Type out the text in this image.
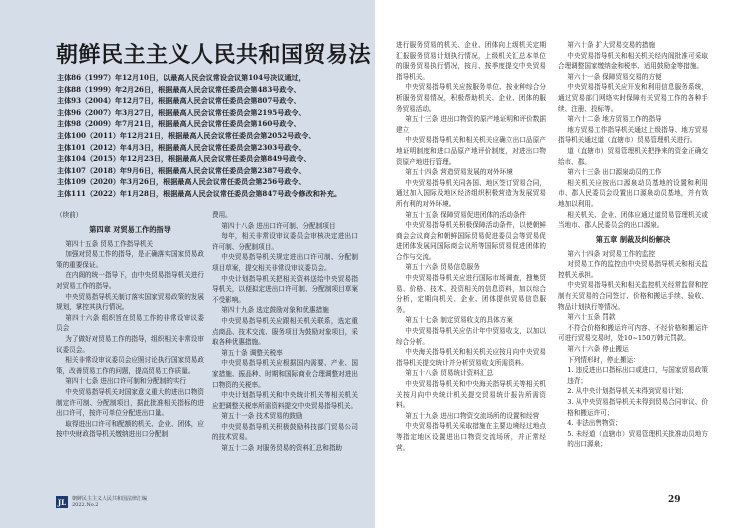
朝鲜民主主义人民共和国贸易法
主体86（1997）年12月10日，以最高人民会议常设会议第104号决议通过，
主体88（1999）年2月26日，根据最高人民会议常任委员会第483号政令、
主体93（2004）年12月7日，根据最高人民会议常任委员会第807号政令、
主体96（2007）年3月27日，根据最高人民会议常任委员会第2195号政令、
主体98（2009）年7月21日，根据最高人民会议常任委员会第160号政令、
主体100（2011）年12月21日，根据最高人民会议常任委员会第2052号政令、
主体101（2012）年4月3日，根据最高人民会议常任委员会第2303号政令、
主体104（2015）年12月23日，根据最高人民会议常任委员会第849号政令、
主体107（2018）年9月6日，根据最高人民会议常任委员会第2387号政令、
主体109（2020）年3月26日，根据最高人民会议常任委员会第256号政令、
主体111（2022）年1月28日，根据最高人民会议常任委员会第847号政令修改和补充。

（续前）

第四章 对贸易工作的指导

第四十五条 贸易工作指导机关

加强对贸易工作的指导，是正确落实国家贸易政策的重要保证。

在内阁的统一指导下，由中央贸易指导机关进行对贸易工作的指导。

中央贸易指导机关制订落实国家贸易政策的发展规划，掌控其执行情况。

第四十六条 组织旨在贸易工作的非常设审议委员会

为了做好对贸易工作的指导，组织相关非常设审议委员会。

相关非常设审议委员会应照讨论执行国家贸易政策，改善贸易工作的问题，提高贸易工作质量。

第四十七条 进出口许可制和分配制的实行

中央贸易指导机关对国家意义重大的进出口物资制定许可制、分配制项目，据此批准相关指标的进出口许可，按许可单位分配进出口量。

取得进出口许可和配额的机关、企业、团体，应按中央财政指导机关缴纳进出口分配制

费用。

第四十八条 进出口许可制、分配制项目

每年，相关非常设审议委员会审核决定进出口许可制、分配制项目。

中央贸易指导机关规定进出口许可制、分配制项目草案，提交相关非常设审议委员会。

中央计划指导机关把相关资料送给中央贸易指导机关，以便拟定进出口许可制、分配制项目草案不受影响。

第四十九条 选定鼓励对象和优惠措施

中央贸易指导机关应跟相关机关联系，选定重点商品、技术交流、服务项目为鼓励对象项目，采取各种优惠措施。

第五十条 调整关税率

中央贸易指导机关应根据国内需要、产业、国家措施、振品种、时期和国际商业合理调整对进出口物资的关税率。

中央计划指导机关和中央统计机关等相关机关应把调整关税率所需资料提交中央贸易指导机关。

第五十一条 技术贸易的鼓励

中央贸易指导机关积极鼓励科技部门贸易公司的技术贸易。

第五十二条 对服务贸易的资料汇总和指助

进行服务贸易的机关、企业、团体向上级机关定期汇报服务贸易计划执行情况，上级机关汇总本单位的服务贸易执行情况，按月、按季度提交中央贸易指导机关。

中央贸易指导机关应按服务单位、按业种综合分析服务贸易情况，积极帮助机关、企业、团体的服务贸易活动。

第五十三条 进出口物资的原产地证明和评价数据建立

中央贸易指导机关和相关机关应确立出口品原产地证明制度和进口品原产地评价制度，对进出口物资原产地进行管理。

第五十四条 营造贸易发展的对外环境

中央贸易指导机关同各国、地区签订贸易合同，通过加入国际及地区经济组织积极营造为发展贸易所有利的对外环境。

第五十五条 保障贸易促进团体的活动条件

中央贸易指导机关积极保障活动条件，以使朝鲜商会会议商会和朝鲜国际贸易促进委员会等贸易促进团体发展同国际商会议所等国际贸易促进团体的合作与交流。

第五十六条 贸易信息服务

中央贸易指导机关应进行国际市场调查，搜集贸易、价格、技术、投资相关的信息资料，加以综合分析，定期向机关、企业、团体提供贸易信息服务。

第五十七条 制定贸易收支的具体方案

中央贸易指导机关应估计年中贸易收支，以加以综合分析。

中央海关指导机关和相关机关应按月向中央贸易指导机关提交统计并分析贸易收支所需资料。

第五十八条 贸易统计资料汇总

中央贸易指导机关和中央海关指导机关等相关机关按月向中央统计机关提交贸易统计报告所需资料。

第五十九条 进出口物资交流场所的设置和经营

中央贸易指导机关采取措施在主要边境经过地点等指定地区设置进出口物资交流场所，并正常经营。

第六十条 扩大贸易交易的措施

中央贸易指导机关和相关机关经内阁批准可采取合理调整国家缴纳金和税率、适用鼓励金等措施。

第六十一条 保障贸易交易的方便

中央贸易指导机关应开发和利用信息服务系统，通过贸易部门网络实时保障有关贸易工作的各种手续、注册、投标等。

第六十二条 地方贸易工作的指导

地方贸易工作指导机关通过上级指导、地方贸易指导机关通过道（直辖市）贸易管理机关进行。

道（直辖市）贸易管理机关把挣来的资金正确交给市、郡。

第六十三条 出口源泉动员的工作

相关机关应按出口源泉动员基地的设置和利用市、郡人民委员会设置出口源泉动员基地，并有效地加以利用。

相关机关、企业、团体应通过道贸易管理机关或当地市、郡人民委员会的出口源泉。

第五章 制裁及纠纷解决

第六十四条 对贸易工作的监控

对贸易工作的监控由中央贸易指导机关和相关监控机关承担。

中央贸易指导机关和相关监控机关经常监督和控制有关贸易的合同签订、价格和搬运手续、验收、物品计划执行等情况。

第六十五条 罚款

不符合价格和搬运许可内容、不经价格和搬运许可进行贸易交易时，处10~150万韩元罚款。

第六十六条 停止搬运

下列情形时，停止搬运：

1. 违反进出口指标出口或进口，与国家贸易政策违背；

2. 从中央计划指导机关未得到贸易计划；

3. 从中央贸易指导机关未得到贸易合同审议、价格和搬运许可；

4. 非法出售物资；

5. 未经道（直辖市）贸易管理机关批准动员地方的出口源泉；

JL	朝鲜民主主义人民共和国法律汇编
2022.No.2	29
